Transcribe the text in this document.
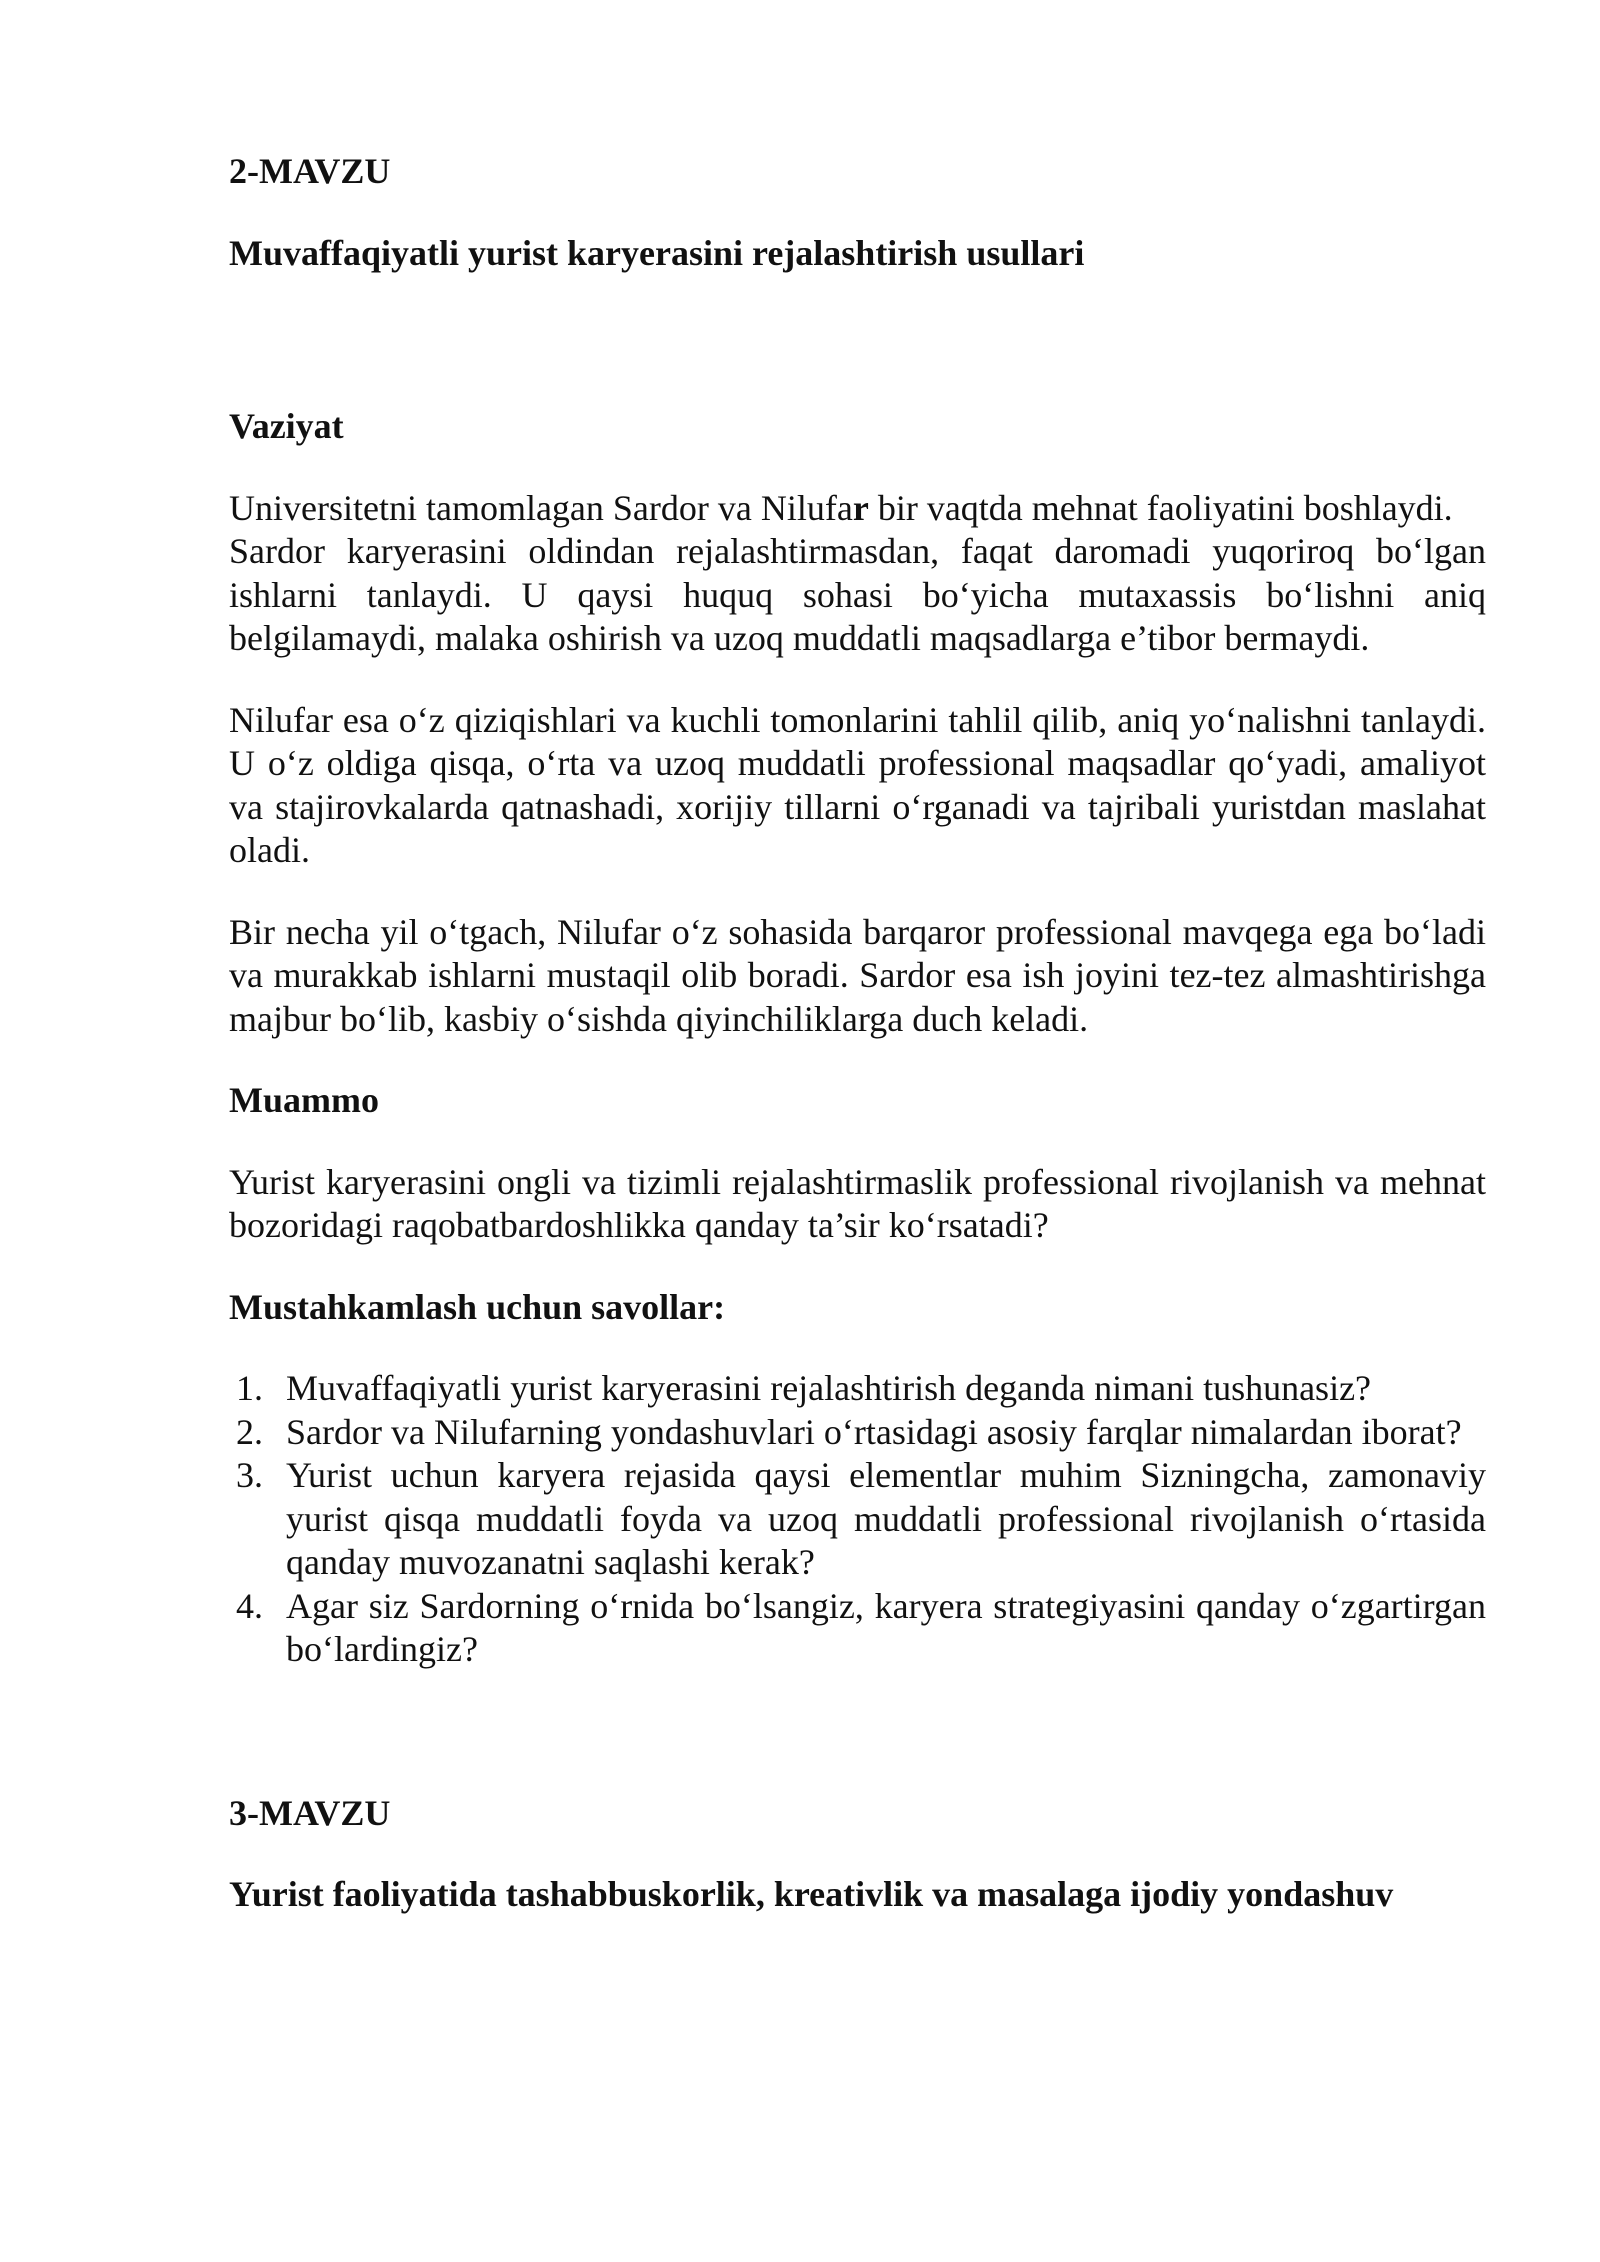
2-MAVZU

Muvaffaqiyatli yurist karyerasini rejalashtirish usullari

Vaziyat

Universitetni tamomlagan Sardor va Nilufar bir vaqtda mehnat faoliyatini boshlaydi.

Sardor karyerasini oldindan rejalashtirmasdan, faqat daromadi yuqoriroq bo‘lgan ishlarni tanlaydi. U qaysi huquq sohasi bo‘yicha mutaxassis bo‘lishni aniq belgilamaydi, malaka oshirish va uzoq muddatli maqsadlarga e’tibor bermaydi.

Nilufar esa o‘z qiziqishlari va kuchli tomonlarini tahlil qilib, aniq yo‘nalishni tanlaydi. U o‘z oldiga qisqa, o‘rta va uzoq muddatli professional maqsadlar qo‘yadi, amaliyot va stajirovkalarda qatnashadi, xorijiy tillarni o‘rganadi va tajribali yuristdan maslahat oladi.

Bir necha yil o‘tgach, Nilufar o‘z sohasida barqaror professional mavqega ega bo‘ladi va murakkab ishlarni mustaqil olib boradi. Sardor esa ish joyini tez-tez almashtirishga majbur bo‘lib, kasbiy o‘sishda qiyinchiliklarga duch keladi.

Muammo

Yurist karyerasini ongli va tizimli rejalashtirmaslik professional rivojlanish va mehnat bozoridagi raqobatbardoshlikka qanday ta’sir ko‘rsatadi?

Mustahkamlash uchun savollar:

1. Muvaffaqiyatli yurist karyerasini rejalashtirish deganda nimani tushunasiz?
2. Sardor va Nilufarning yondashuvlari o‘rtasidagi asosiy farqlar nimalardan iborat?
3. Yurist uchun karyera rejasida qaysi elementlar muhim Sizningcha, zamonaviy yurist qisqa muddatli foyda va uzoq muddatli professional rivojlanish o‘rtasida qanday muvozanatni saqlashi kerak?
4. Agar siz Sardorning o‘rnida bo‘lsangiz, karyera strategiyasini qanday o‘zgartirgan bo‘lardingiz?

3-MAVZU

Yurist faoliyatida tashabbuskorlik, kreativlik va masalaga ijodiy yondashuv
